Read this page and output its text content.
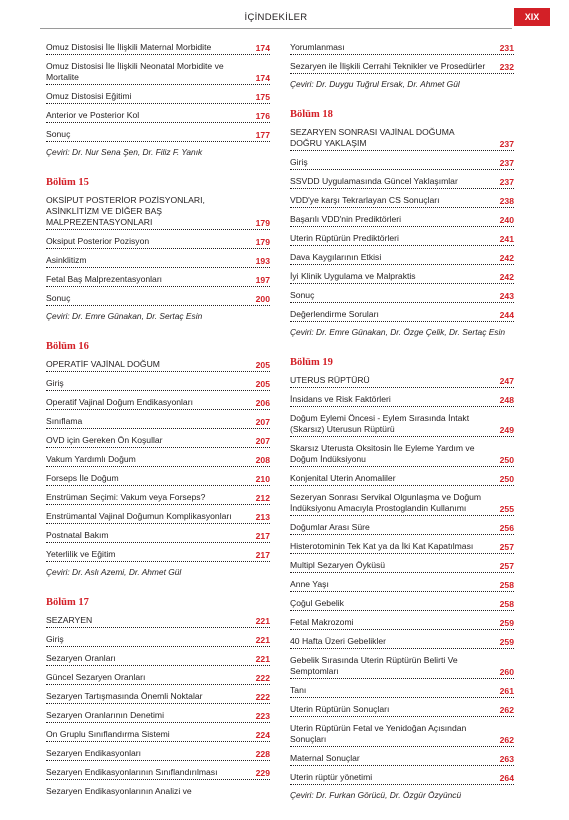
İÇİNDEKİLER	XIX
Omuz Distosisi İle İlişkili Maternal Morbidite	174
Omuz Distosisi İle İlişkili Neonatal Morbidite ve Mortalite	174
Omuz Distosisi Eğitimi	175
Anterior ve Posterior Kol	176
Sonuç	177
Çeviri: Dr. Nur Sena Şen, Dr. Filiz F. Yanık
Bölüm 15
OKSİPUT POSTERİOR POZİSYONLARI, ASİNKLİTİZM VE DİĞER BAŞ MALPREZENTASYONLARI	179
Oksiput Posterior Pozisyon	179
Asinklitizm	193
Fetal Baş Malprezentasyonları	197
Sonuç	200
Çeviri: Dr. Emre Günakan, Dr. Sertaç Esin
Bölüm 16
OPERATİF VAJİNAL DOĞUM	205
Giriş	205
Operatif Vajinal Doğum Endikasyonları	206
Sınıflama	207
OVD için Gereken Ön Koşullar	207
Vakum Yardımlı Doğum	208
Forseps İle Doğum	210
Enstrüman Seçimi: Vakum veya Forseps?	212
Enstrümantal Vajinal Doğumun Komplikasyonları	213
Postnatal Bakım	217
Yeterlilik ve Eğitim	217
Çeviri: Dr. Aslı Azemi, Dr. Ahmet Gül
Bölüm 17
SEZARYEN	221
Giriş	221
Sezaryen Oranları	221
Güncel Sezaryen Oranları	222
Sezaryen Tartışmasında Önemli Noktalar	222
Sezaryen Oranlarının Denetimi	223
On Gruplu Sınıflandırma Sistemi	224
Sezaryen Endikasyonları	228
Sezaryen Endikasyonlarının Sınıflandırılması	229
Sezaryen Endikasyonlarının Analizi ve
Yorumlanması	231
Sezaryen ile İlişkili Cerrahi Teknikler ve Prosedürler	232
Çeviri: Dr. Duygu Tuğrul Ersak, Dr. Ahmet Gül
Bölüm 18
SEZARYEN SONRASI VAJİNAL DOĞUMA DOĞRU YAKLAŞIM	237
Giriş	237
SSVDD Uygulamasında Güncel Yaklaşımlar	237
VDD'ye karşı Tekrarlayan CS Sonuçları	238
Başarılı VDD'nin Prediktörleri	240
Uterin Rüptürün Prediktörleri	241
Dava Kaygılarının Etkisi	242
İyi Klinik Uygulama ve Malpraktis	242
Sonuç	243
Değerlendirme Soruları	244
Çeviri: Dr. Emre Günakan, Dr. Özge Çelik, Dr. Sertaç Esin
Bölüm 19
UTERUS RÜPTÜRÜ	247
İnsidans ve Risk Faktörleri	248
Doğum Eylemi Öncesi - Eylem Sırasında İntakt (Skarsız) Uterusun Rüptürü	249
Skarsız Uterusta Oksitosin İle Eyleme Yardım ve Doğum İndüksiyonu	250
Konjenital Uterin Anomaliler	250
Sezeryan Sonrası Servikal Olgunlaşma ve Doğum İndüksiyonu Amacıyla Prostoglandin Kullanımı	255
Doğumlar Arası Süre	256
Histerotominin Tek Kat ya da İki Kat Kapatılması	257
Multipl Sezaryen Öyküsü	257
Anne Yaşı	258
Çoğul Gebelik	258
Fetal Makrozomi	259
40 Hafta Üzeri Gebelikler	259
Gebelik Sırasında Uterin Rüptürün Belirti Ve Semptomları	260
Tanı	261
Uterin Rüptürün Sonuçları	262
Uterin Rüptürün Fetal ve Yenidoğan Açısından Sonuçları	262
Maternal Sonuçlar	263
Uterin rüptür yönetimi	264
Çeviri: Dr. Furkan Görücü, Dr. Özgür Özyüncü
